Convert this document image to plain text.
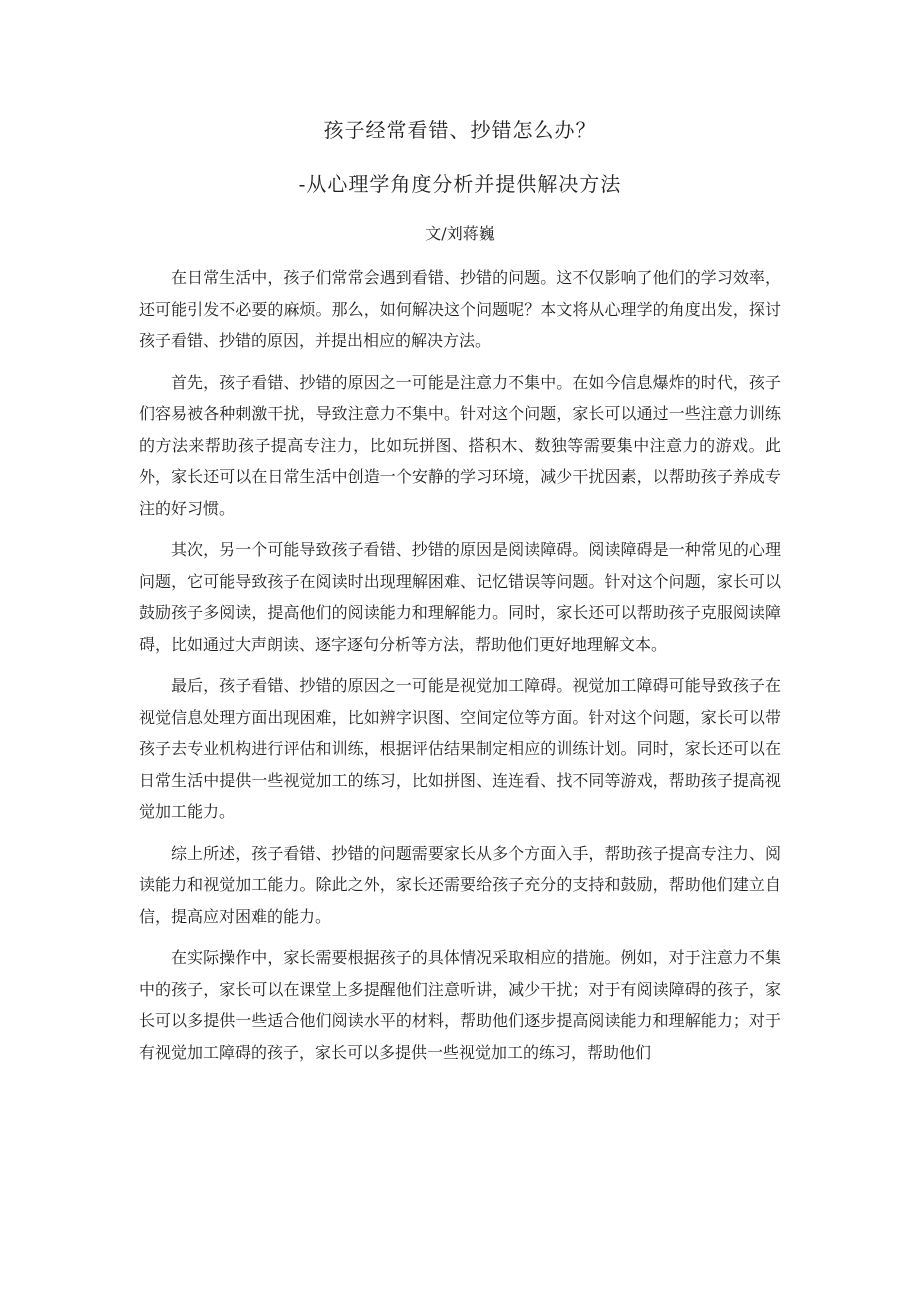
孩子经常看错、抄错怎么办？
-从心理学角度分析并提供解决方法

文/刘蒋巍

在日常生活中，孩子们常常会遇到看错、抄错的问题。这不仅影响了他们的学习效率，还可能引发不必要的麻烦。那么，如何解决这个问题呢？本文将从心理学的角度出发，探讨孩子看错、抄错的原因，并提出相应的解决方法。

首先，孩子看错、抄错的原因之一可能是注意力不集中。在如今信息爆炸的时代，孩子们容易被各种刺激干扰，导致注意力不集中。针对这个问题，家长可以通过一些注意力训练的方法来帮助孩子提高专注力，比如玩拼图、搭积木、数独等需要集中注意力的游戏。此外，家长还可以在日常生活中创造一个安静的学习环境，减少干扰因素，以帮助孩子养成专注的好习惯。

其次，另一个可能导致孩子看错、抄错的原因是阅读障碍。阅读障碍是一种常见的心理问题，它可能导致孩子在阅读时出现理解困难、记忆错误等问题。针对这个问题，家长可以鼓励孩子多阅读，提高他们的阅读能力和理解能力。同时，家长还可以帮助孩子克服阅读障碍，比如通过大声朗读、逐字逐句分析等方法，帮助他们更好地理解文本。

最后，孩子看错、抄错的原因之一可能是视觉加工障碍。视觉加工障碍可能导致孩子在视觉信息处理方面出现困难，比如辨字识图、空间定位等方面。针对这个问题，家长可以带孩子去专业机构进行评估和训练，根据评估结果制定相应的训练计划。同时，家长还可以在日常生活中提供一些视觉加工的练习，比如拼图、连连看、找不同等游戏，帮助孩子提高视觉加工能力。

综上所述，孩子看错、抄错的问题需要家长从多个方面入手，帮助孩子提高专注力、阅读能力和视觉加工能力。除此之外，家长还需要给孩子充分的支持和鼓励，帮助他们建立自信，提高应对困难的能力。

在实际操作中，家长需要根据孩子的具体情况采取相应的措施。例如，对于注意力不集中的孩子，家长可以在课堂上多提醒他们注意听讲，减少干扰；对于有阅读障碍的孩子，家长可以多提供一些适合他们阅读水平的材料，帮助他们逐步提高阅读能力和理解能力；对于有视觉加工障碍的孩子，家长可以多提供一些视觉加工的练习，帮助他们
